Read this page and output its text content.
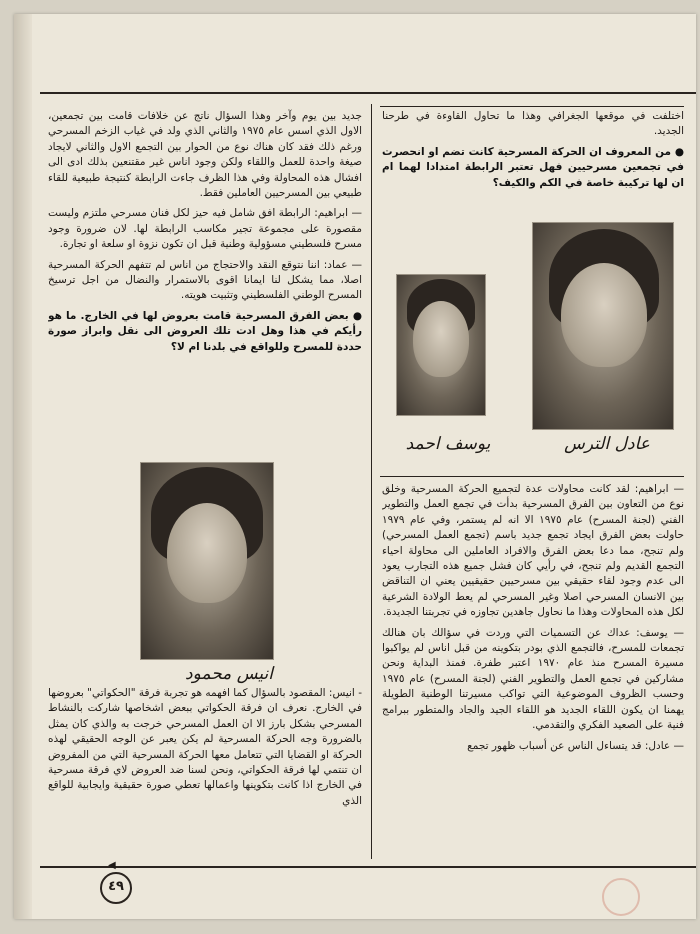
اختلفت في موقعها الجغرافي وهذا ما تحاول القاوءة في طرحنا الجديد.

● من المعروف ان الحركة المسرحية كانت تضم او انحصرت في تجمعين مسرحيين فهل تعتبر الرابطة امتدادا لهما ام ان لها تركيبة خاصة في الكم والكيف؟

عادل الترس
يوسف احمد

— ابراهيم: لقد كانت محاولات عدة لتجميع الحركة المسرحية وخلق نوع من التعاون بين الفرق المسرحية بدأت في تجمع العمل والتطوير الفني (لجنة المسرح) عام ١٩٧٥ الا انه لم يستمر، وفي عام ١٩٧٩ حاولت بعض الفرق ايجاد تجمع جديد باسم (تجمع العمل المسرحي) ولم تنجح، مما دعا بعض الفرق والافراد العاملين الى محاولة احياء التجمع القديم ولم تنجح، في رأيي كان فشل جميع هذه التجارب يعود الى عدم وجود لقاء حقيقي بين مسرحيين حقيقيين يعني ان التناقض بين الانسان المسرحي اصلا وغير المسرحي لم يعط الولادة الشرعية لكل هذه المحاولات وهذا ما نحاول جاهدين تجاوزه في تجربتنا الجديدة.

— يوسف: عداك عن التسميات التي وردت في سؤالك بان هنالك تجمعات للمسرح، فالتجمع الذي بودر بتكوينه من قبل اناس لم يواكبوا مسيرة المسرح منذ عام ١٩٧٠ اعتبر طفرة. فمنذ البداية ونحن مشاركين في تجمع العمل والتطوير الفني (لجنة المسرح) عام ١٩٧٥ وحسب الظروف الموضوعية التي تواكب مسيرتنا الوطنية الطويلة يهمنا ان يكون اللقاء الجديد هو اللقاء الجيد والجاد والمتطور ببرامج فنية على الصعيد الفكري والتقدمي.

— عادل: قد يتساءل الناس عن أسباب ظهور تجمع

جديد بين يوم وآخر وهذا السؤال ناتج عن خلافات قامت بين تجمعين، الاول الذي اسس عام ١٩٧٥ والثاني الذي ولد في غياب الزخم المسرحي ورغم ذلك فقد كان هناك نوع من الحوار بين التجمع الاول والثاني لايجاد صيغة واحدة للعمل واللقاء ولكن وجود اناس غير مقتنعين بذلك ادى الى افشال هذه المحاولة وفي هذا الظرف جاءت الرابطة كنتيجة طبيعية للقاء طبيعي بين المسرحيين العاملين فقط.

— ابراهيم: الرابطة افق شامل فيه حيز لكل فنان مسرحي ملتزم وليست مقصورة على مجموعة تجير مكاسب الرابطة لها. لان ضرورة وجود مسرح فلسطيني مسؤولية وطنية قبل ان تكون نزوة او سلعة او تجارة.

— عماد: اننا نتوقع النقد والاحتجاج من اناس لم تتفهم الحركة المسرحية اصلا، مما يشكل لنا ايمانا اقوى بالاستمرار والنضال من اجل ترسيخ المسرح الوطني الفلسطيني وتثبيت هويته.

● بعض الفرق المسرحية قامت بعروض لها في الخارج. ما هو رأيكم في هذا وهل ادت تلك العروض الى نقل وابراز صورة حددة للمسرح وللواقع في بلدنا ام لا؟

انيس محمود

- انيس: المقصود بالسؤال كما افهمه هو تجربة فرقة "الحكواتي" بعروضها في الخارج. نعرف ان فرقة الحكواتي ببعض اشخاصها شاركت بالنشاط المسرحي بشكل بارز الا ان العمل المسرحي خرجت به والذي كان يمثل بالضرورة وجه الحركة المسرحية لم يكن يعبر عن الوجه الحقيقي لهذه الحركة او القضايا التي تتعامل معها الحركة المسرحية التي من المفروض ان تنتمي لها فرقة الحكواتي، ونحن لسنا ضد العروض لاي فرقة مسرحية في الخارج اذا كانت بتكوينها واعمالها تعطي صورة حقيقية وايجابية للواقع الذي

◀
٤٩
